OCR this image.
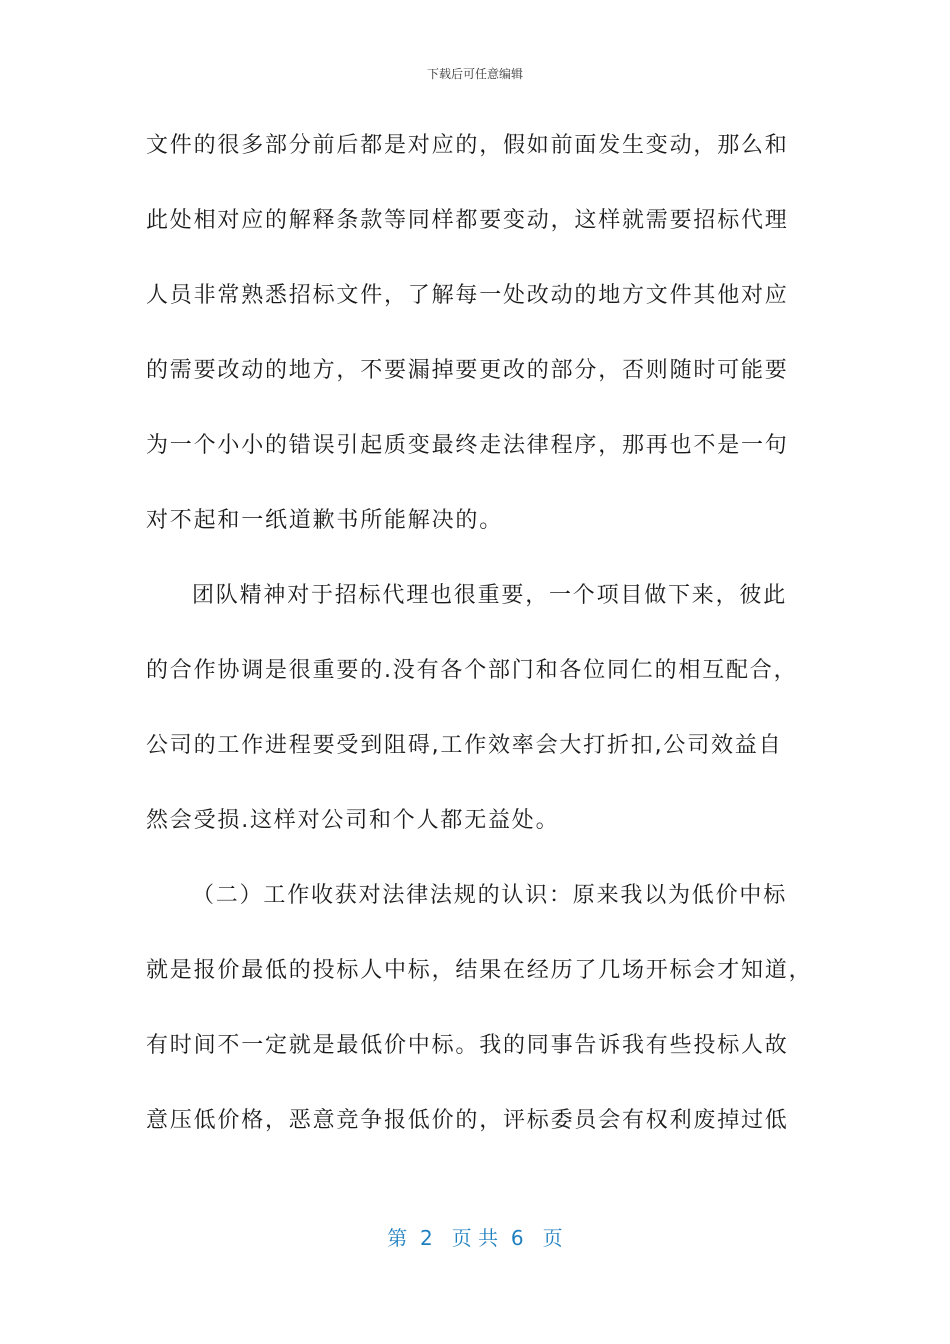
下载后可任意编辑
文件的很多部分前后都是对应的，假如前面发生变动，那么和
此处相对应的解释条款等同样都要变动，这样就需要招标代理
人员非常熟悉招标文件，了解每一处改动的地方文件其他对应
的需要改动的地方，不要漏掉要更改的部分，否则随时可能要
为一个小小的错误引起质变最终走法律程序，那再也不是一句
对不起和一纸道歉书所能解决的。
团队精神对于招标代理也很重要，一个项目做下来，彼此
的合作协调是很重要的.没有各个部门和各位同仁的相互配合，
公司的工作进程要受到阻碍,工作效率会大打折扣,公司效益自
然会受损.这样对公司和个人都无益处。
（二）工作收获对法律法规的认识：原来我以为低价中标
就是报价最低的投标人中标，结果在经历了几场开标会才知道，
有时间不一定就是最低价中标。我的同事告诉我有些投标人故
意压低价格，恶意竞争报低价的，评标委员会有权利废掉过低
第  2   页 共  6   页
